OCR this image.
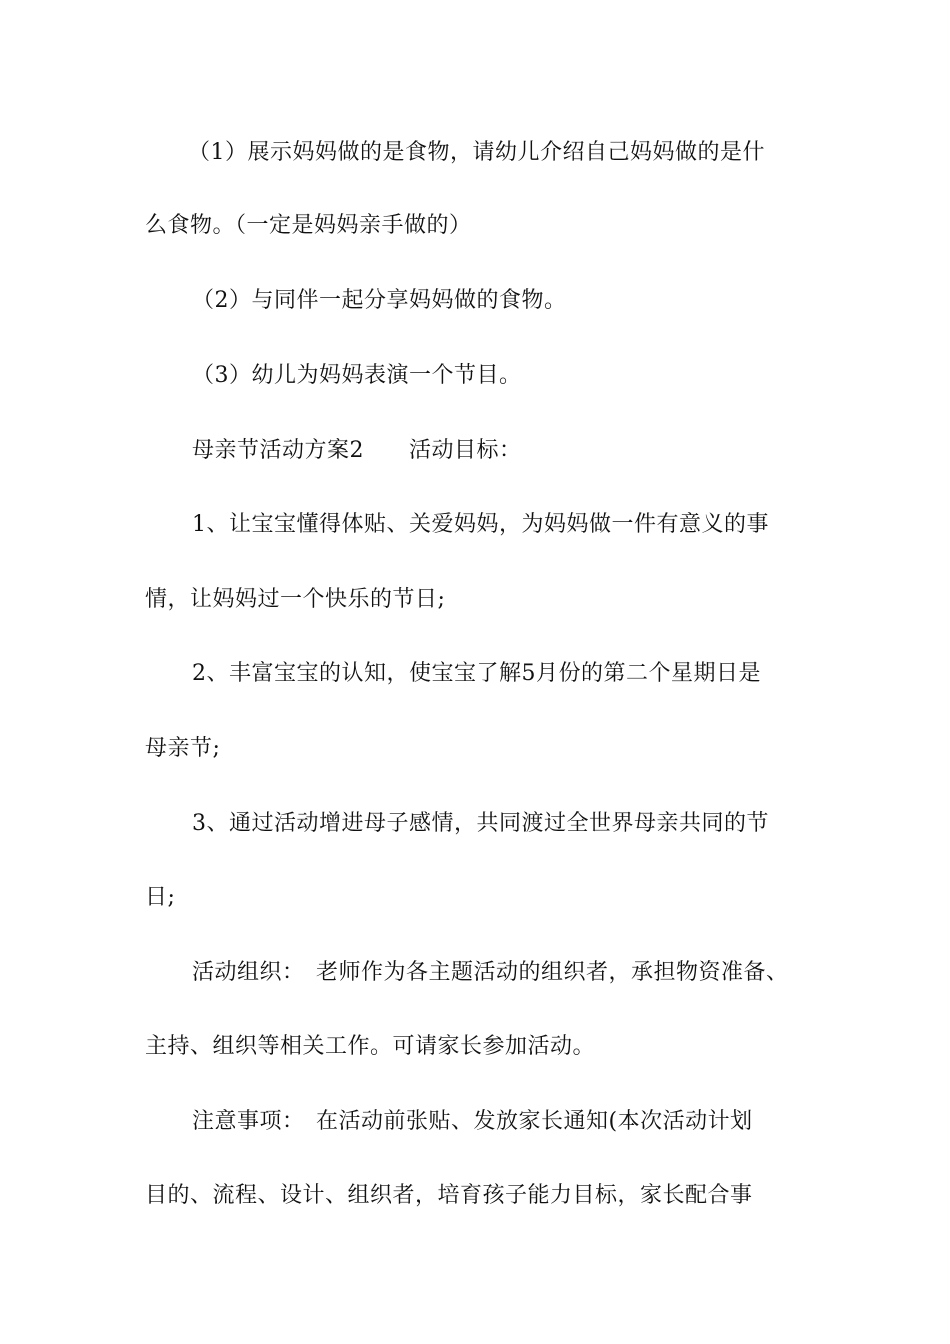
（1）展示妈妈做的是食物，请幼儿介绍自己妈妈做的是什
么食物。（一定是妈妈亲手做的）
（2）与同伴一起分享妈妈做的食物。
（3）幼儿为妈妈表演一个节目。
母亲节活动方案2　　活动目标：
1、让宝宝懂得体贴、关爱妈妈，为妈妈做一件有意义的事
情，让妈妈过一个快乐的节日;
2、丰富宝宝的认知，使宝宝了解5月份的第二个星期日是
母亲节;
3、通过活动增进母子感情，共同渡过全世界母亲共同的节
日;
活动组织：　老师作为各主题活动的组织者，承担物资准备、
主持、组织等相关工作。可请家长参加活动。
注意事项：　在活动前张贴、发放家长通知(本次活动计划
目的、流程、设计、组织者，培育孩子能力目标，家长配合事
